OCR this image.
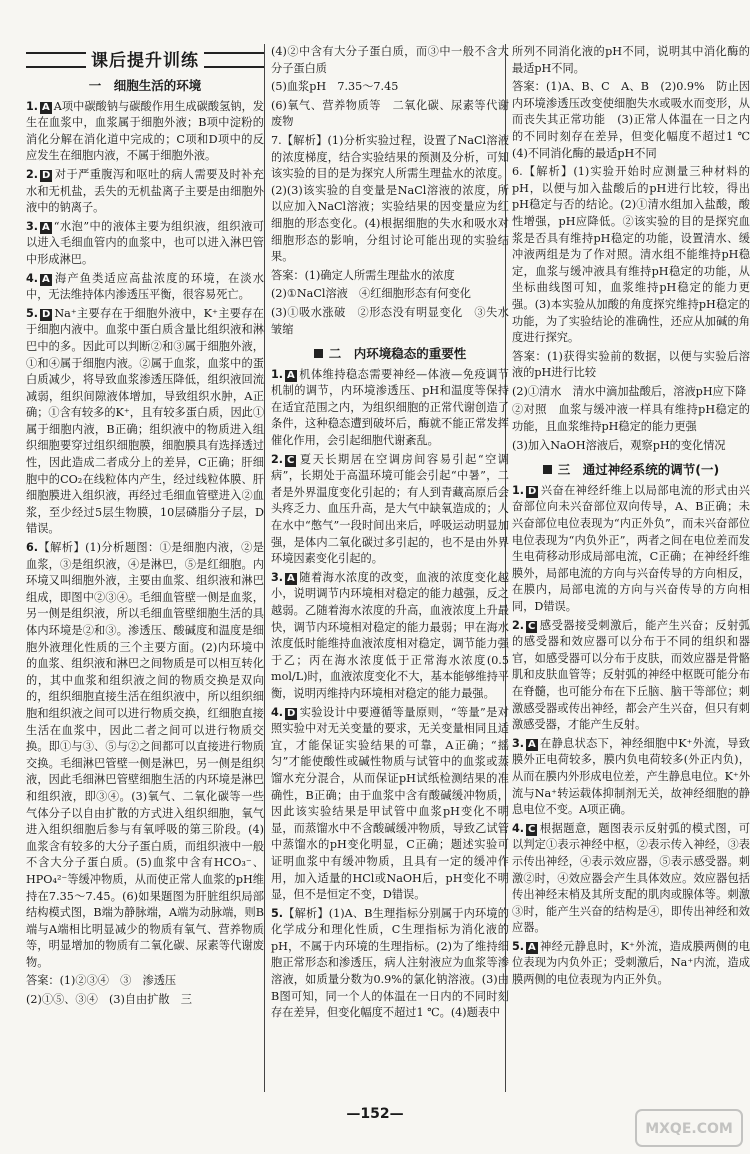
课后提升训练
一　细胞生活的环境
1. A A项中碳酸钠与碳酸作用生成碳酸氢钠，发生在血浆中，血浆属于细胞外液；B项中淀粉的消化分解在消化道中完成的；C项和D项中的反应发生在细胞内液，不属于细胞外液。
2. D 对于严重腹泻和呕吐的病人需要及时补充水和无机盐，丢失的无机盐离子主要是由细胞外液中的钠离子。
3. A “水泡”中的液体主要为组织液，组织液可以进入毛细血管内的血浆中，也可以进入淋巴管中形成淋巴。
4. A 海产鱼类适应高盐浓度的环境，在淡水中，无法维持体内渗透压平衡，很容易死亡。
5. D Na⁺主要存在于细胞外液中，K⁺主要存在于细胞内液中。血浆中蛋白质含量比组织液和淋巴中的多。因此可以判断②和③属于细胞外液，①和④属于细胞内液。②属于血浆，血浆中的蛋白质减少，将导致血浆渗透压降低，组织液回流减弱，组织间隙液体增加，导致组织水肿，A正确；①含有较多的K⁺，且有较多蛋白质，因此①属于细胞内液，B正确；组织液中的物质进入组织细胞要穿过组织细胞膜，细胞膜具有选择透过性，因此造成二者成分上的差异，C正确；肝细胞中的CO₂在线粒体内产生，经过线粒体膜、肝细胞膜进入组织液，再经过毛细血管壁进入②血浆，至少经过5层生物膜，10层磷脂分子层，D错误。
6.【解析】(1)分析题图：①是细胞内液，②是血浆，③是组织液，④是淋巴，⑤是红细胞。内环境又叫细胞外液，主要由血浆、组织液和淋巴组成，即图中②③④。毛细血管壁一侧是血浆，另一侧是组织液，所以毛细血管壁细胞生活的具体内环境是②和③。渗透压、酸碱度和温度是细胞外液理化性质的三个主要方面。(2)内环境中的血浆、组织液和淋巴之间物质是可以相互转化的，其中血浆和组织液之间的物质交换是双向的，组织细胞直接生活在组织液中，所以组织细胞和组织液之间可以进行物质交换，红细胞直接生活在血浆中，因此二者之间可以进行物质交换。即①与③、⑤与②之间都可以直接进行物质交换。毛细淋巴管壁一侧是淋巴，另一侧是组织液，因此毛细淋巴管壁细胞生活的内环境是淋巴和组织液，即③④。(3)氧气、二氧化碳等一些气体分子以自由扩散的方式进入组织细胞，氧气进入组织细胞后参与有氧呼吸的第三阶段。(4)血浆含有较多的大分子蛋白质，而组织液中一般不含大分子蛋白质。(5)血浆中含有HCO₃⁻、HPO₄²⁻等缓冲物质，从而使正常人血浆的pH维持在7.35～7.45。(6)如果题图为肝脏组织局部结构模式图，B端为静脉端，A端为动脉端，则B端与A端相比明显减少的物质有氧气、营养物质等，明显增加的物质有二氧化碳、尿素等代谢废物。
答案：(1)②③④　③　渗透压
(2)①⑤、③④　(3)自由扩散　三
(4)②中含有大分子蛋白质，而③中一般不含大分子蛋白质
(5)血浆pH　7.35～7.45
(6)氧气、营养物质等　二氧化碳、尿素等代谢废物
7.【解析】(1)分析实验过程，设置了NaCl溶液的浓度梯度，结合实验结果的预测及分析，可知该实验的目的是为探究人所需生理盐水的浓度。(2)(3)该实验的自变量是NaCl溶液的浓度，所以应加入NaCl溶液；实验结果的因变量应为红细胞的形态变化。(4)根据细胞的失水和吸水对细胞形态的影响，分组讨论可能出现的实验结果。
答案：(1)确定人所需生理盐水的浓度
(2)①NaCl溶液　④红细胞形态有何变化
(3)①吸水涨破　②形态没有明显变化　③失水皱缩
二　内环境稳态的重要性
1. A 机体维持稳态需要神经—体液—免疫调节机制的调节，内环境渗透压、pH和温度等保持在适宜范围之内，为组织细胞的正常代谢创造了条件，这种稳态遭到破坏后，酶就不能正常发挥催化作用，会引起细胞代谢紊乱。
2. C 夏天长期居在空调房间容易引起“空调病”，长期处于高温环境可能会引起“中暑”，二者是外界温度变化引起的；有人到青藏高原后会头疼乏力、血压升高，是大气中缺氧造成的；人在水中“憋气”一段时间出来后，呼吸运动明显加强，是体内二氧化碳过多引起的，也不是由外界环境因素变化引起的。
3. A 随着海水浓度的改变，血液的浓度变化越小，说明调节内环境相对稳定的能力越强，反之越弱。乙随着海水浓度的升高，血液浓度上升最快，调节内环境相对稳定的能力最弱；甲在海水浓度低时能维持血液浓度相对稳定，调节能力强于乙；丙在海水浓度低于正常海水浓度(0.5 mol/L)时，血液浓度变化不大，基本能够维持平衡，说明丙维持内环境相对稳定的能力最强。
4. D 实验设计中要遵循等量原则，“等量”是对照实验中对无关变量的要求，无关变量相同且适宜，才能保证实验结果的可靠，A正确；“摇匀”才能使酸性或碱性物质与试管中的血浆或蒸馏水充分混合，从而保证pH试纸检测结果的准确性，B正确；由于血浆中含有酸碱缓冲物质，因此该实验结果是甲试管中血浆pH变化不明显，而蒸馏水中不含酸碱缓冲物质，导致乙试管中蒸馏水的pH变化明显，C正确；题述实验可证明血浆中有缓冲物质，且具有一定的缓冲作用，加入适量的HCl或NaOH后，pH变化不明显，但不是恒定不变，D错误。
5.【解析】(1)A、B生理指标分别属于内环境的化学成分和理化性质，C生理指标为消化液的pH，不属于内环境的生理指标。(2)为了维持细胞正常形态和渗透压，病人注射液应为血浆等渗溶液，如质量分数为0.9%的氯化钠溶液。(3)由B图可知，同一个人的体温在一日内的不同时刻存在差异，但变化幅度不超过1 ℃。(4)题表中
所列不同消化液的pH不同，说明其中消化酶的最适pH不同。
答案：(1)A、B、C　A、B　(2)0.9%　防止因内环境渗透压改变使细胞失水或吸水而变形，从而丧失其正常功能　(3)正常人体温在一日之内的不同时刻存在差异，但变化幅度不超过1 ℃　(4)不同消化酶的最适pH不同
6.【解析】(1)实验开始时应测量三种材料的pH，以便与加入盐酸后的pH进行比较，得出pH稳定与否的结论。(2)①清水组加入盐酸，酸性增强，pH应降低。②该实验的目的是探究血浆是否具有维持pH稳定的功能，设置清水、缓冲液两组是为了作对照。清水组不能维持pH稳定，血浆与缓冲液具有维持pH稳定的功能，从坐标曲线图可知，血浆维持pH稳定的能力更强。(3)本实验从加酸的角度探究维持pH稳定的功能，为了实验结论的准确性，还应从加碱的角度进行探究。
答案：(1)获得实验前的数据，以便与实验后溶液的pH进行比较
(2)①清水　清水中滴加盐酸后，溶液pH应下降
②对照　血浆与缓冲液一样具有维持pH稳定的功能，且血浆维持pH稳定的能力更强
(3)加入NaOH溶液后，观察pH的变化情况
三　通过神经系统的调节(一)
1. D 兴奋在神经纤维上以局部电流的形式由兴奋部位向未兴奋部位双向传导，A、B正确；未兴奋部位电位表现为“内正外负”，而未兴奋部位电位表现为“内负外正”，两者之间在电位差而发生电荷移动形成局部电流，C正确；在神经纤维膜外，局部电流的方向与兴奋传导的方向相反，在膜内，局部电流的方向与兴奋传导的方向相同，D错误。
2. C 感受器接受刺激后，能产生兴奋；反射弧的感受器和效应器可以分布于不同的组织和器官，如感受器可以分布于皮肤，而效应器是骨骼肌和皮肤血管等；反射弧的神经中枢既可能分布在脊髓，也可能分布在下丘脑、脑干等部位；刺激感受器或传出神经，都会产生兴奋，但只有刺激感受器，才能产生反射。
3. A 在静息状态下，神经细胞中K⁺外流，导致膜外正电荷较多，膜内负电荷较多(外正内负)，从而在膜内外形成电位差，产生静息电位。K⁺外流与Na⁺转运载体抑制剂无关，故神经细胞的静息电位不变。A项正确。
4. C 根据题意，题图表示反射弧的模式图，可以判定①表示神经中枢，②表示传入神经，③表示传出神经，④表示效应器，⑤表示感受器。刺激②时，④效应器会产生具体效应。效应器包括传出神经末梢及其所支配的肌肉或腺体等。刺激③时，能产生兴奋的结构是④，即传出神经和效应器。
5. A 神经元静息时，K⁺外流，造成膜两侧的电位表现为内负外正；受刺激后，Na⁺内流，造成膜两侧的电位表现为内正外负。
—152—
MXQE.COM
